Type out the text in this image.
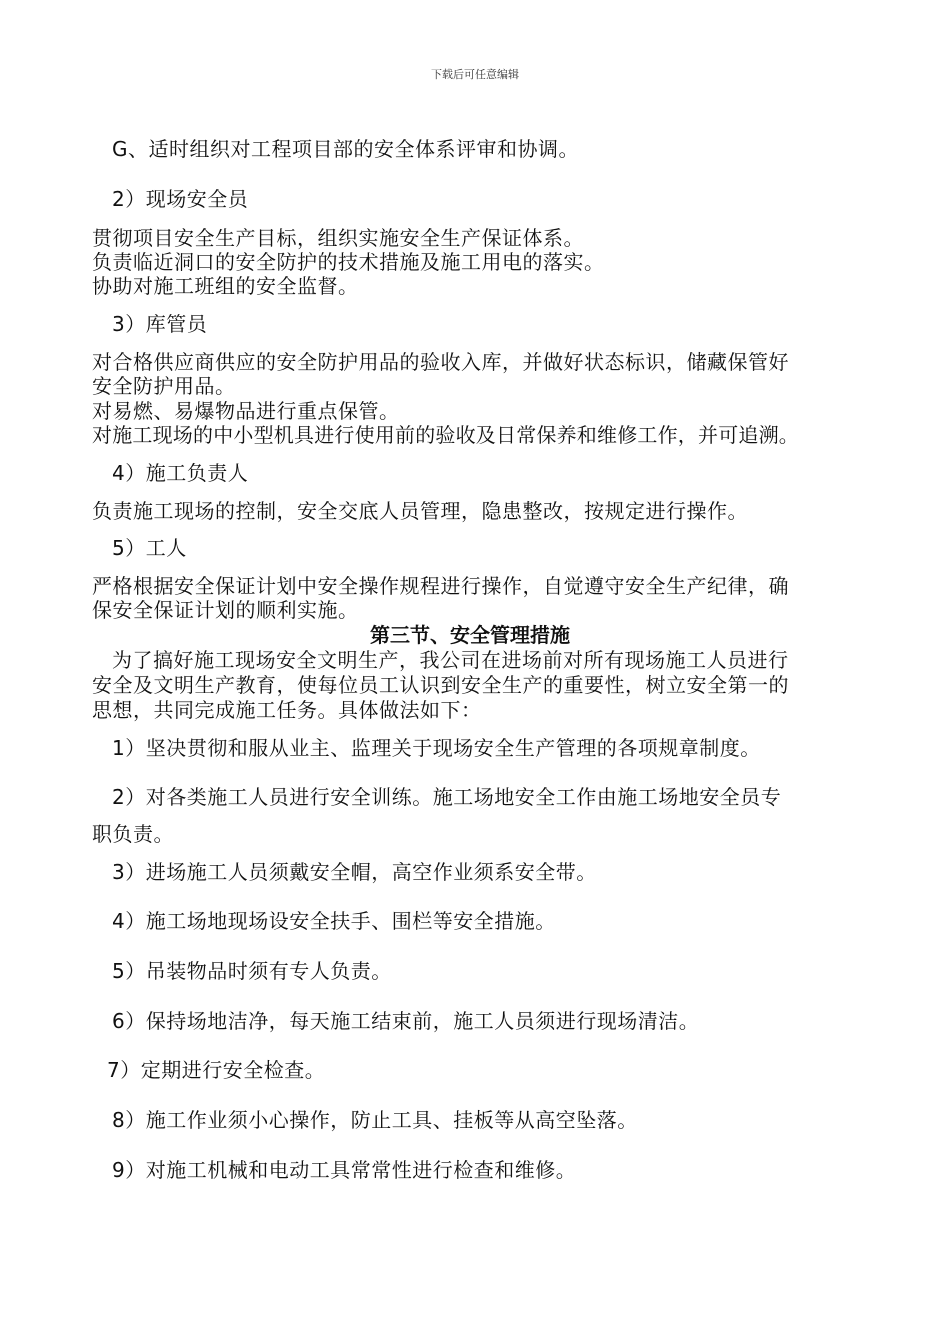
下载后可任意编辑
G、适时组织对工程项目部的安全体系评审和协调。
2）现场安全员
贯彻项目安全生产目标，组织实施安全生产保证体系。
负责临近洞口的安全防护的技术措施及施工用电的落实。
协助对施工班组的安全监督。
3）库管员
对合格供应商供应的安全防护用品的验收入库，并做好状态标识，储藏保管好
安全防护用品。
对易燃、易爆物品进行重点保管。
对施工现场的中小型机具进行使用前的验收及日常保养和维修工作，并可追溯。
4）施工负责人
负责施工现场的控制，安全交底人员管理，隐患整改，按规定进行操作。
5）工人
严格根据安全保证计划中安全操作规程进行操作，自觉遵守安全生产纪律，确
保安全保证计划的顺利实施。
第三节、安全管理措施
为了搞好施工现场安全文明生产，我公司在进场前对所有现场施工人员进行
安全及文明生产教育，使每位员工认识到安全生产的重要性，树立安全第一的
思想，共同完成施工任务。具体做法如下：
1）坚决贯彻和服从业主、监理关于现场安全生产管理的各项规章制度。
2）对各类施工人员进行安全训练。施工场地安全工作由施工场地安全员专
职负责。
3）进场施工人员须戴安全帽，高空作业须系安全带。
4）施工场地现场设安全扶手、围栏等安全措施。
5）吊装物品时须有专人负责。
6）保持场地洁净，每天施工结束前，施工人员须进行现场清洁。
7）定期进行安全检查。
8）施工作业须小心操作，防止工具、挂板等从高空坠落。
9）对施工机械和电动工具常常性进行检查和维修。
